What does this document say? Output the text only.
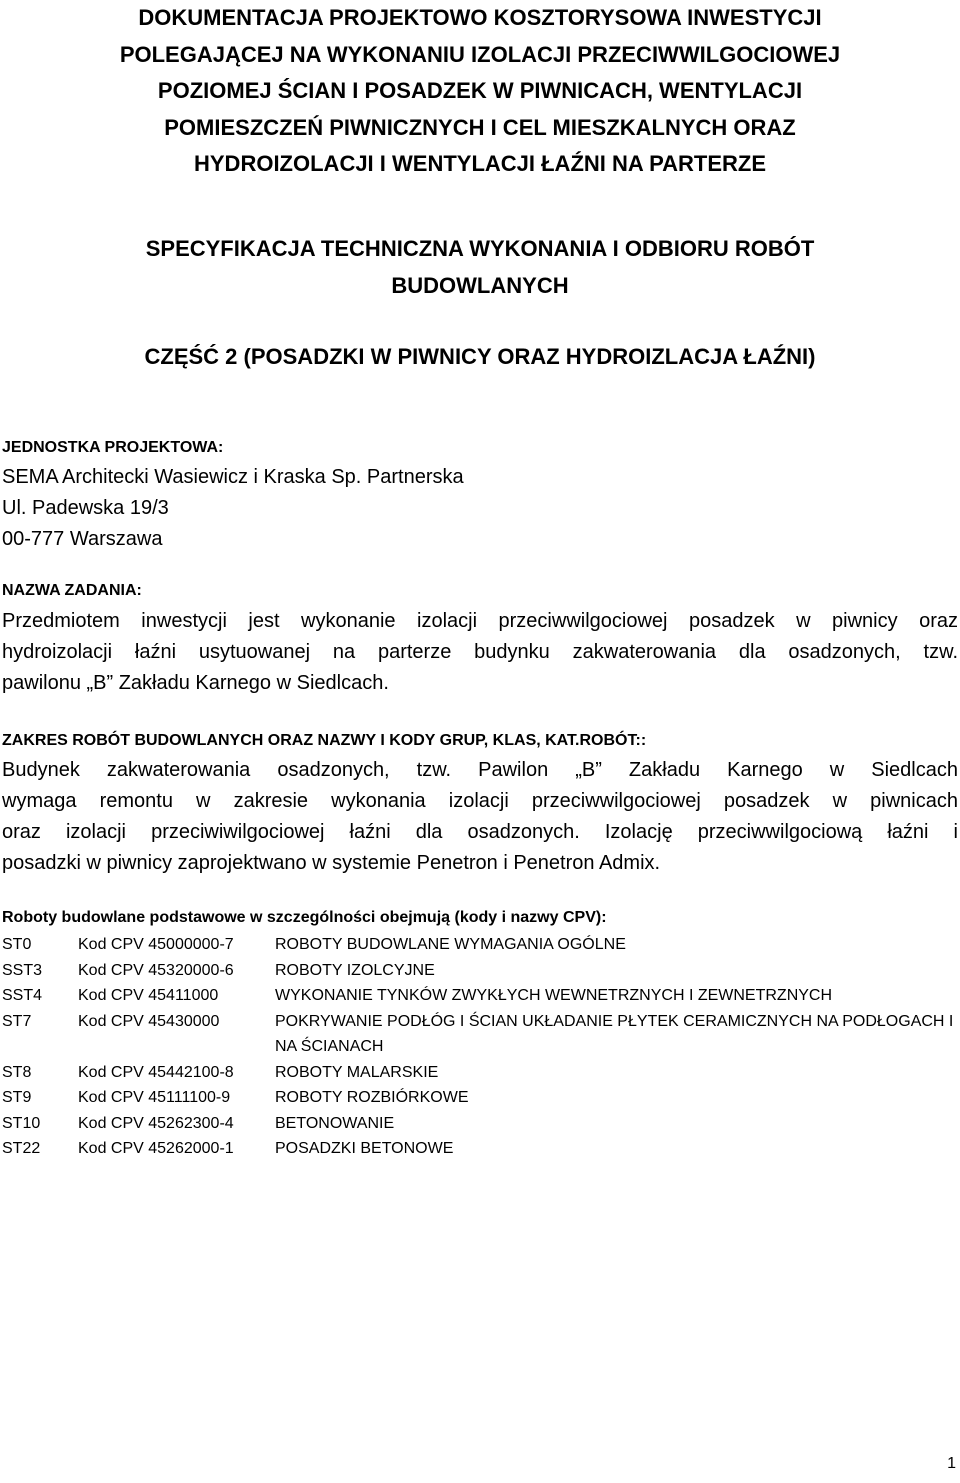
DOKUMENTACJA PROJEKTOWO KOSZTORYSOWA INWESTYCJI
POLEGAJĄCEJ NA WYKONANIU IZOLACJI PRZECIWWILGOCIOWEJ
POZIOMEJ ŚCIAN I POSADZEK W PIWNICACH, WENTYLACJI
POMIESZCZEŃ PIWNICZNYCH I CEL MIESZKALNYCH ORAZ
HYDROIZOLACJI I WENTYLACJI ŁAŹNI NA PARTERZE
SPECYFIKACJA TECHNICZNA WYKONANIA I ODBIORU ROBÓT
BUDOWLANYCH
CZĘŚĆ 2 (POSADZKI W PIWNICY ORAZ HYDROIZLACJA ŁAŹNI)
JEDNOSTKA PROJEKTOWA:
SEMA Architecki Wasiewicz i Kraska Sp. Partnerska
Ul. Padewska 19/3
00-777 Warszawa
NAZWA ZADANIA:
Przedmiotem inwestycji jest wykonanie izolacji przeciwwilgociowej posadzek w piwnicy oraz
hydroizolacji łaźni usytuowanej na parterze budynku zakwaterowania dla osadzonych, tzw.
pawilonu „B” Zakładu Karnego w Siedlcach.
ZAKRES ROBÓT BUDOWLANYCH ORAZ NAZWY I KODY GRUP, KLAS, KAT.ROBÓT::
Budynek zakwaterowania osadzonych, tzw. Pawilon „B” Zakładu Karnego w Siedlcach
wymaga remontu w zakresie wykonania izolacji przeciwwilgociowej posadzek w piwnicach
oraz izolacji przeciwiwilgociowej łaźni dla osadzonych. Izolację przeciwwilgociową łaźni i
posadzki w piwnicy zaprojektwano w systemie Penetron i Penetron Admix.
Roboty budowlane podstawowe w szczególności obejmują (kody i nazwy CPV):
ST0	Kod CPV 45000000-7	ROBOTY BUDOWLANE WYMAGANIA OGÓLNE
SST3	Kod CPV 45320000-6	ROBOTY IZOLCYJNE
SST4	Kod CPV 45411000	WYKONANIE TYNKÓW ZWYKŁYCH WEWNETRZNYCH I ZEWNETRZNYCH
ST7	Kod CPV 45430000	POKRYWANIE PODŁÓG I ŚCIAN UKŁADANIE PŁYTEK CERAMICZNYCH NA PODŁOGACH I NA ŚCIANACH
ST8	Kod CPV 45442100-8	ROBOTY MALARSKIE
ST9	Kod CPV 45111100-9	ROBOTY ROZBIÓRKOWE
ST10	Kod CPV 45262300-4	BETONOWANIE
ST22	Kod CPV 45262000-1	POSADZKI BETONOWE
1
